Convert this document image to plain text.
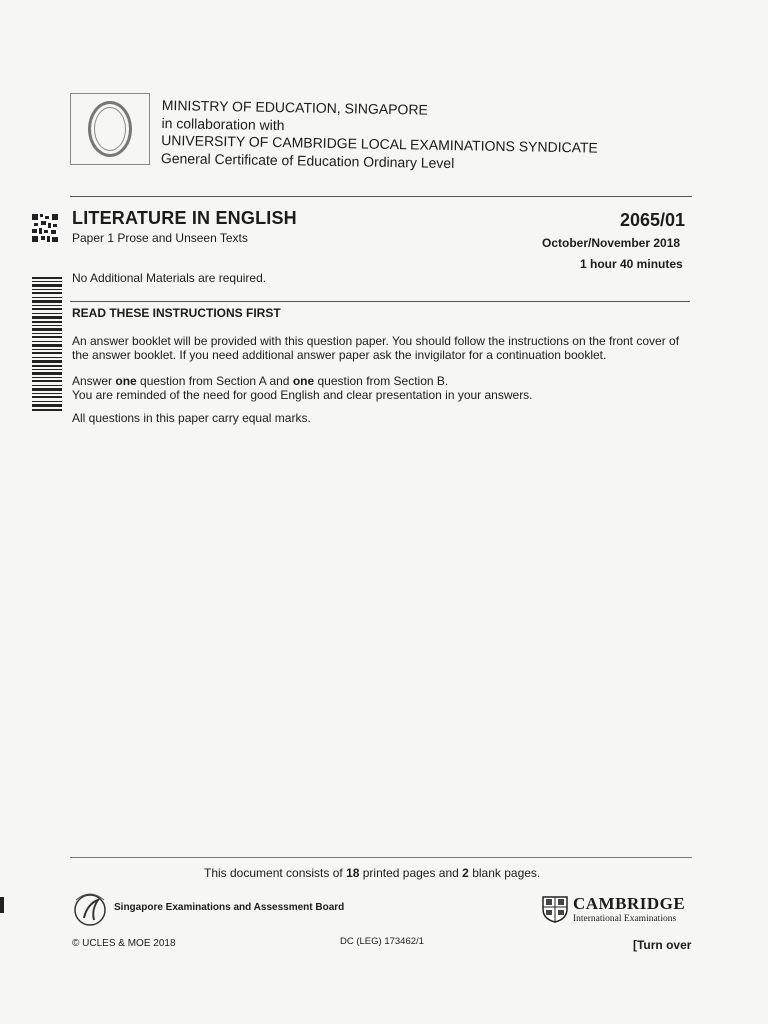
MINISTRY OF EDUCATION, SINGAPORE
in collaboration with
UNIVERSITY OF CAMBRIDGE LOCAL EXAMINATIONS SYNDICATE
General Certificate of Education Ordinary Level
LITERATURE IN ENGLISH	2065/01
Paper 1 Prose and Unseen Texts	October/November 2018
1 hour 40 minutes
No Additional Materials are required.
READ THESE INSTRUCTIONS FIRST
An answer booklet will be provided with this question paper. You should follow the instructions on the front cover of the answer booklet. If you need additional answer paper ask the invigilator for a continuation booklet.
Answer one question from Section A and one question from Section B.
You are reminded of the need for good English and clear presentation in your answers.
All questions in this paper carry equal marks.
This document consists of 18 printed pages and 2 blank pages.
Singapore Examinations and Assessment Board	CAMBRIDGE
International Examinations
© UCLES & MOE 2018	DC (LEG) 173462/1	[Turn over
